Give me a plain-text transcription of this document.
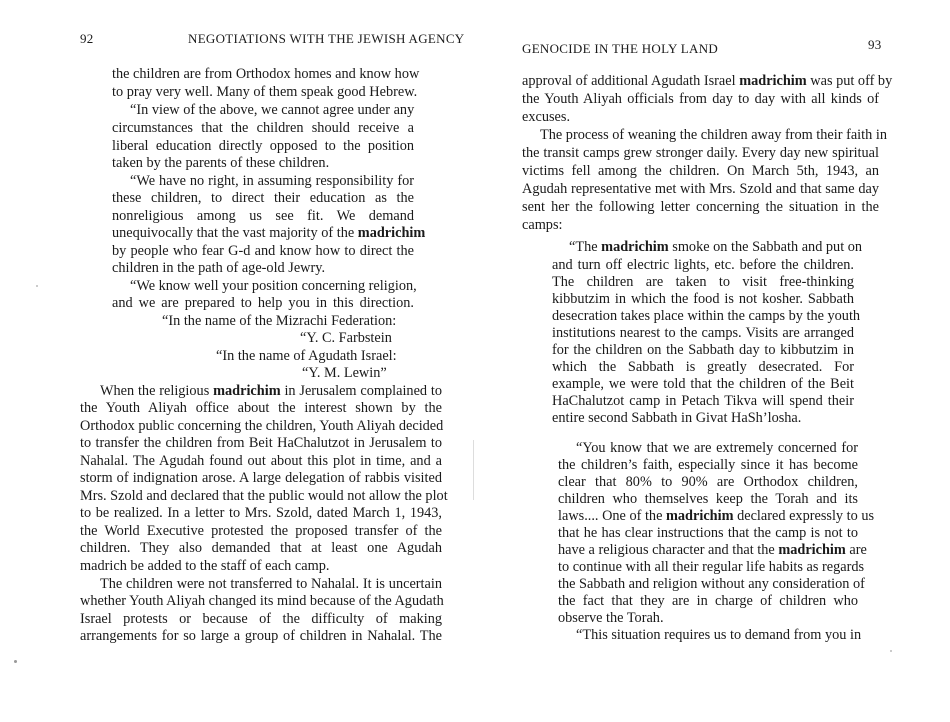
92	NEGOTIATIONS WITH THE JEWISH AGENCY
the children are from Orthodox homes and know how
to pray very well. Many of them speak good Hebrew.
“In view of the above, we cannot agree under any
circumstances that the children should receive a
liberal education directly opposed to the position
taken by the parents of these children.
“We have no right, in assuming responsibility for
these children, to direct their education as the
nonreligious among us see fit. We demand
unequivocally that the vast majority of the madrichim
by people who fear G-d and know how to direct the
children in the path of age-old Jewry.
“We know well your position concerning religion,
and we are prepared to help you in this direction.
“In the name of the Mizrachi Federation:
“Y. C. Farbstein
“In the name of Agudath Israel:
“Y. M. Lewin”
When the religious madrichim in Jerusalem complained to
the Youth Aliyah office about the interest shown by the
Orthodox public concerning the children, Youth Aliyah decided
to transfer the children from Beit HaChalutzot in Jerusalem to
Nahalal. The Agudah found out about this plot in time, and a
storm of indignation arose. A large delegation of rabbis visited
Mrs. Szold and declared that the public would not allow the plot
to be realized. In a letter to Mrs. Szold, dated March 1, 1943,
the World Executive protested the proposed transfer of the
children. They also demanded that at least one Agudah
madrich be added to the staff of each camp.
The children were not transferred to Nahalal. It is uncertain
whether Youth Aliyah changed its mind because of the Agudath
Israel protests or because of the difficulty of making
arrangements for so large a group of children in Nahalal. The
GENOCIDE IN THE HOLY LAND	93
approval of additional Agudath Israel madrichim was put off by
the Youth Aliyah officials from day to day with all kinds of
excuses.
The process of weaning the children away from their faith in
the transit camps grew stronger daily. Every day new spiritual
victims fell among the children. On March 5th, 1943, an
Agudah representative met with Mrs. Szold and that same day
sent her the following letter concerning the situation in the
camps:
“The madrichim smoke on the Sabbath and put on
and turn off electric lights, etc. before the children.
The children are taken to visit free-thinking
kibbutzim in which the food is not kosher. Sabbath
desecration takes place within the camps by the youth
institutions nearest to the camps. Visits are arranged
for the children on the Sabbath day to kibbutzim in
which the Sabbath is greatly desecrated. For
example, we were told that the children of the Beit
HaChalutzot camp in Petach Tikva will spend their
entire second Sabbath in Givat HaSh’losha.
“You know that we are extremely concerned for
the children’s faith, especially since it has become
clear that 80% to 90% are Orthodox children,
children who themselves keep the Torah and its
laws.... One of the madrichim declared expressly to us
that he has clear instructions that the camp is not to
have a religious character and that the madrichim are
to continue with all their regular life habits as regards
the Sabbath and religion without any consideration of
the fact that they are in charge of children who
observe the Torah.
“This situation requires us to demand from you in
